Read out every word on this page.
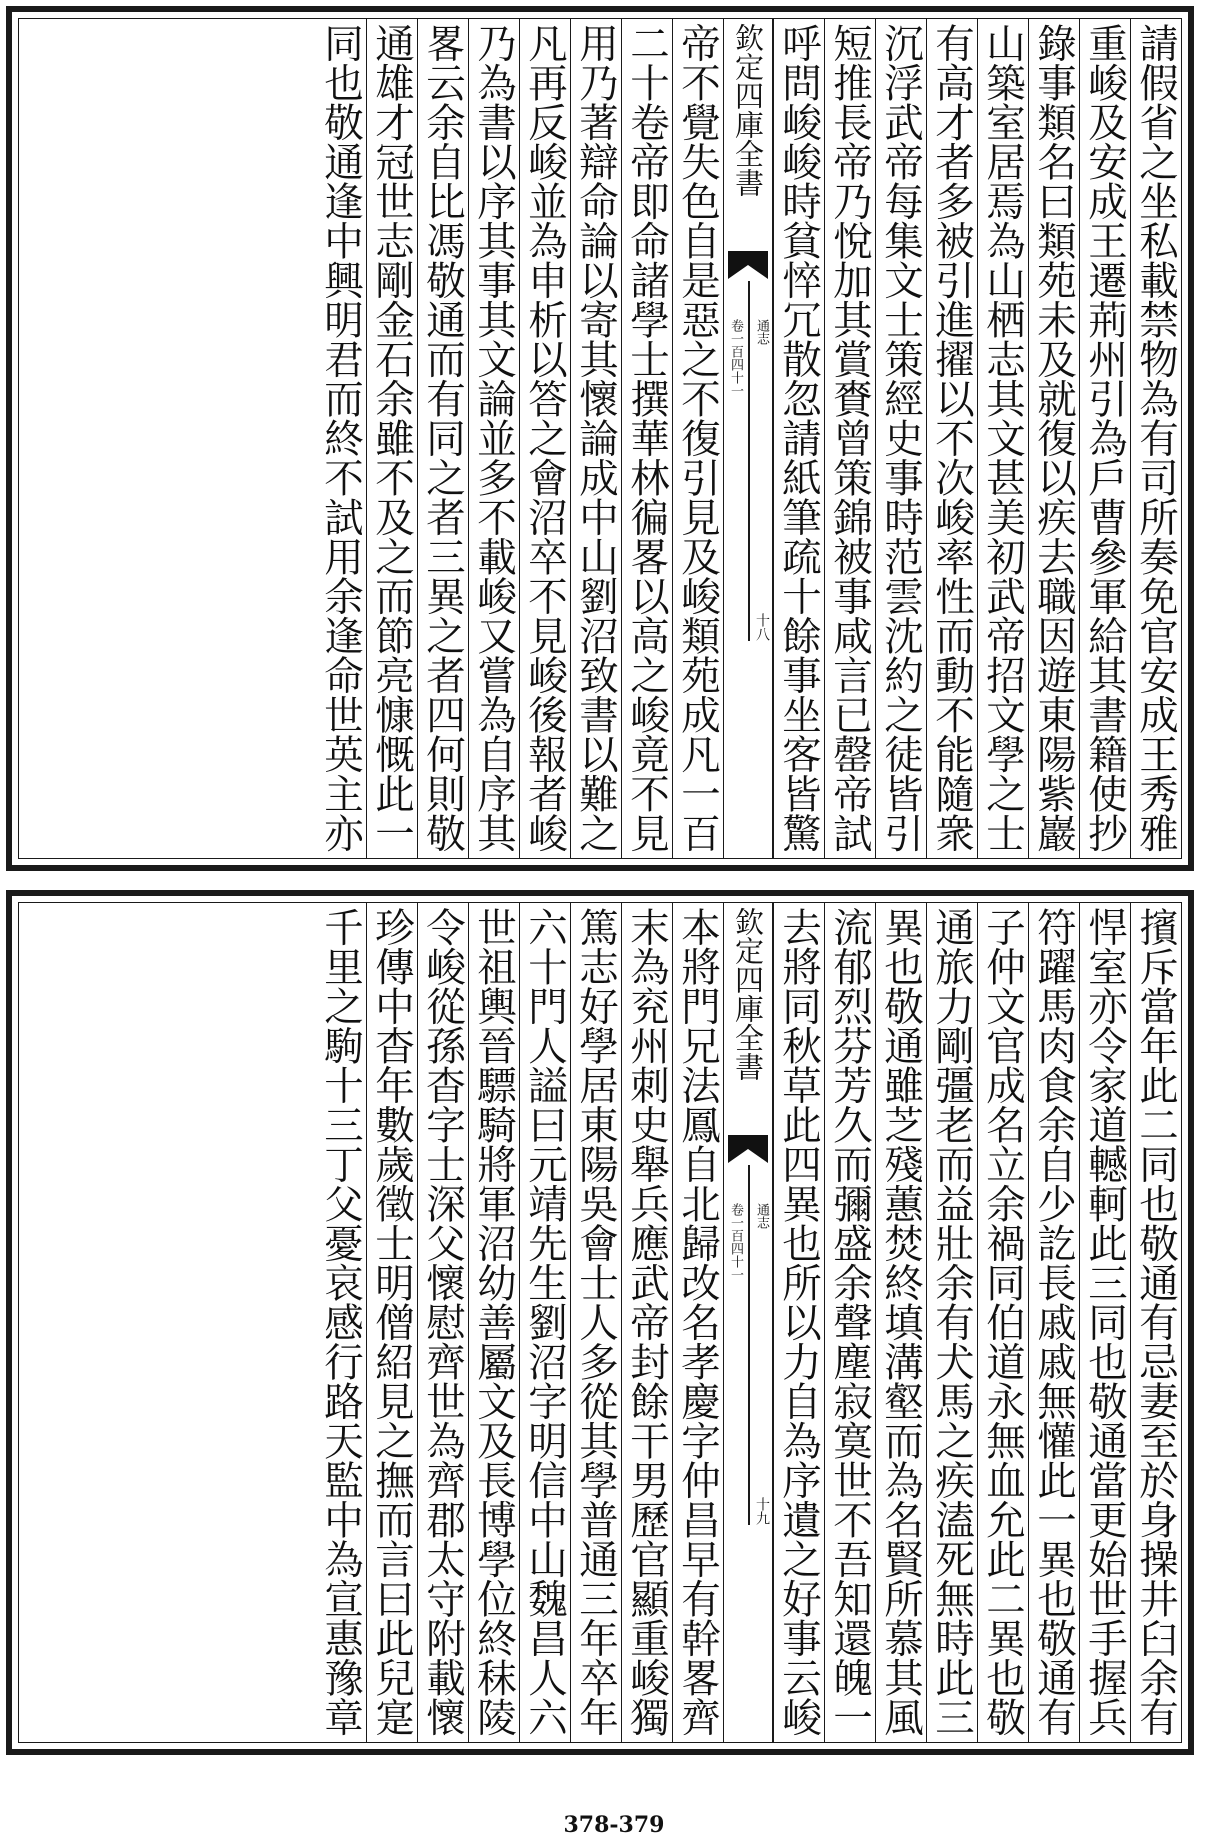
請假省之坐私載禁物為有司所奏免官安成王秀雅
重峻及安成王遷荊州引為戶曹參軍給其書籍使抄
錄事類名曰類苑未及就復以疾去職因遊東陽紫巖
山築室居焉為山栖志其文甚美初武帝招文學之士
有高才者多被引進擢以不次峻率性而動不能隨衆
沉浮武帝每集文士策經史事時范雲沈約之徒皆引
短推長帝乃悅加其賞賚曾策錦被事咸言已罄帝試
呼問峻峻時貧悴冗散忽請紙筆疏十餘事坐客皆驚
欽定四庫全書
通志
卷一百四十一
十八
帝不覺失色自是惡之不復引見及峻類苑成凡一百
二十卷帝即命諸學士撰華林徧畧以高之峻竟不見
用乃著辯命論以寄其懷論成中山劉沼致書以難之
凡再反峻並為申析以答之會沼卒不見峻後報者峻
乃為書以序其事其文論並多不載峻又嘗為自序其
畧云余自比馮敬通而有同之者三異之者四何則敬
通雄才冠世志剛金石余雖不及之而節亮慷慨此一
同也敬通逢中興明君而終不試用余逢命世英主亦
擯斥當年此二同也敬通有忌妻至於身操井臼余有
悍室亦令家道轗軻此三同也敬通當更始世手握兵
符躍馬肉食余自少訖長戚戚無懽此一異也敬通有
子仲文官成名立余禍同伯道永無血允此二異也敬
通旅力剛彊老而益壯余有犬馬之疾溘死無時此三
異也敬通雖芝殘蕙焚終填溝壑而為名賢所慕其風
流郁烈芬芳久而彌盛余聲塵寂寞世不吾知還魄一
去將同秋草此四異也所以力自為序遺之好事云峻
欽定四庫全書
通志
卷一百四十一
十九
本將門兄法鳳自北歸改名孝慶字仲昌早有幹畧齊
末為兖州刺史舉兵應武帝封餘干男歷官顯重峻獨
篤志好學居東陽吳會士人多從其學普通三年卒年
六十門人謚曰元靖先生劉沼字明信中山魏昌人六
世祖輿晉驃騎將軍沼幼善屬文及長博學位終秣陵
令峻從孫杳字士深父懷慰齊世為齊郡太守附載懷
珍傳中杳年數歲徵士明僧紹見之撫而言曰此兒寔
千里之駒十三丁父憂哀感行路天監中為宣惠豫章
378-379
